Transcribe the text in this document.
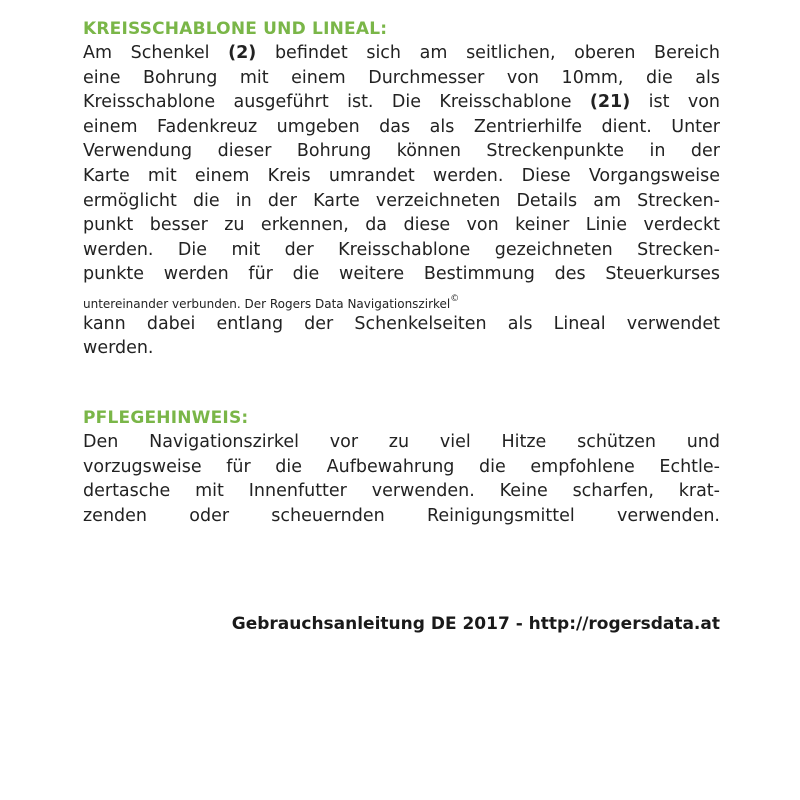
KREISSCHABLONE UND LINEAL:
Am Schenkel (2) befindet sich am seitlichen, oberen Bereich
eine Bohrung mit einem Durchmesser von 10mm, die als
Kreisschablone ausgeführt ist. Die Kreisschablone (21) ist von
einem Fadenkreuz umgeben das als Zentrierhilfe dient. Unter
Verwendung dieser Bohrung können Streckenpunkte in der
Karte mit einem Kreis umrandet werden. Diese Vorgangsweise
ermöglicht die in der Karte verzeichneten Details am Strecken-
punkt besser zu erkennen, da diese von keiner Linie verdeckt
werden. Die mit der Kreisschablone gezeichneten Strecken-
punkte werden für die weitere Bestimmung des Steuerkurses
untereinander verbunden. Der Rogers Data Navigationszirkel©
kann dabei entlang der Schenkelseiten als Lineal verwendet
werden.
PFLEGEHINWEIS:
Den Navigationszirkel vor zu viel Hitze schützen und
vorzugsweise für die Aufbewahrung die empfohlene Echtle-
dertasche mit Innenfutter verwenden. Keine scharfen, krat-
zenden oder scheuernden Reinigungsmittel verwenden.
Gebrauchsanleitung DE 2017 - http://rogersdata.at
